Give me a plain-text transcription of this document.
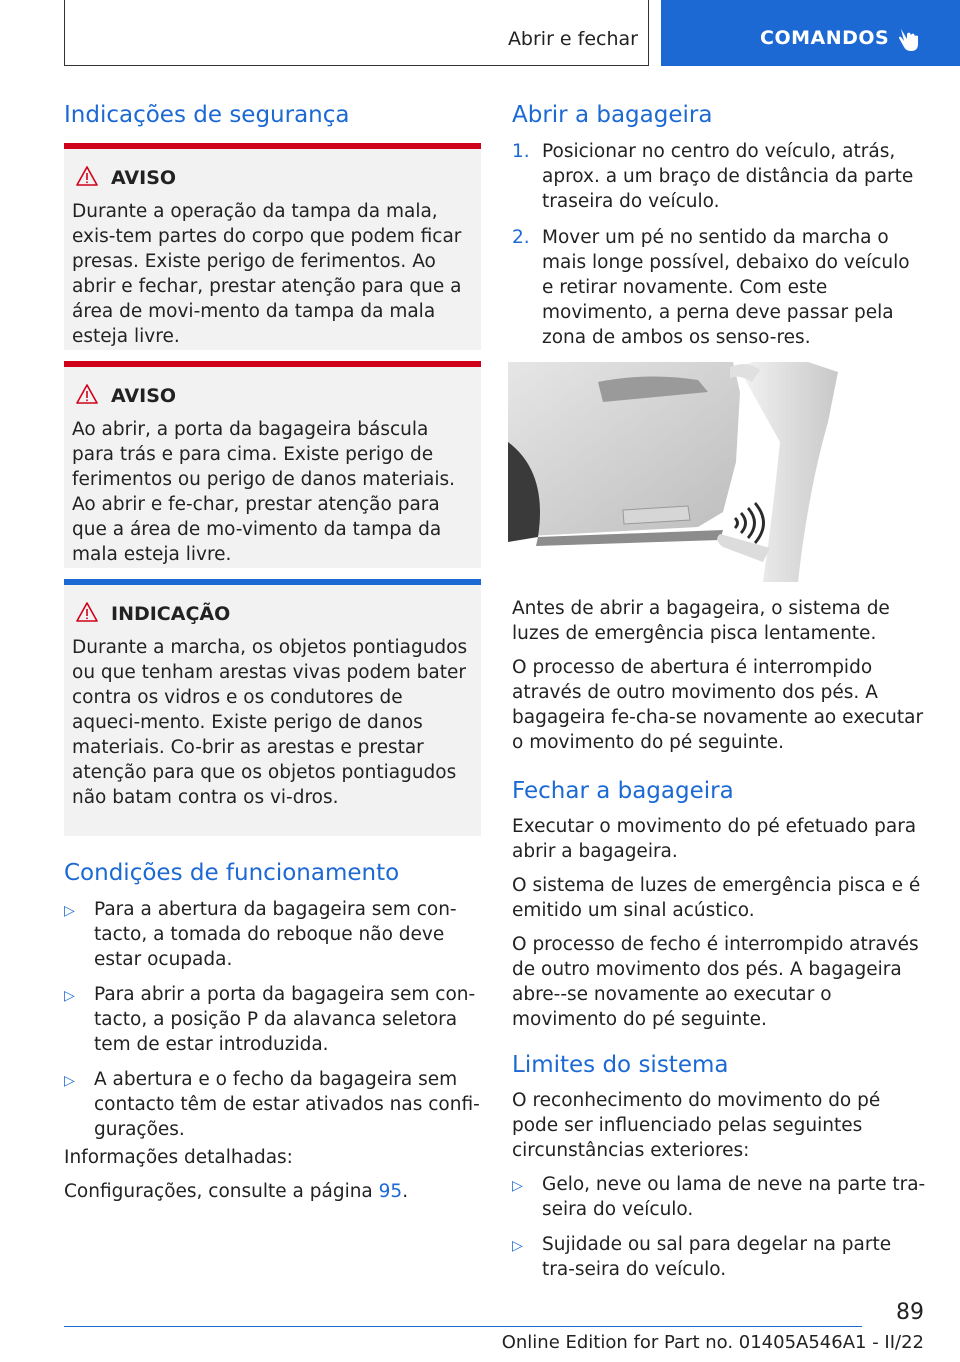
Abrir e fechar	COMANDOS
Indicações de segurança
AVISO
Durante a operação da tampa da mala, exis-tem partes do corpo que podem ficar presas. Existe perigo de ferimentos. Ao abrir e fechar, prestar atenção para que a área de movi-mento da tampa da mala esteja livre.
AVISO
Ao abrir, a porta da bagageira báscula para trás e para cima. Existe perigo de ferimentos ou perigo de danos materiais. Ao abrir e fe-char, prestar atenção para que a área de mo-vimento da tampa da mala esteja livre.
INDICAÇÃO
Durante a marcha, os objetos pontiagudos ou que tenham arestas vivas podem bater contra os vidros e os condutores de aqueci-mento. Existe perigo de danos materiais. Co-brir as arestas e prestar atenção para que os objetos pontiagudos não batam contra os vi-dros.
Condições de funcionamento
▷ Para a abertura da bagageira sem con-tacto, a tomada do reboque não deve estar ocupada.
▷ Para abrir a porta da bagageira sem con-tacto, a posição P da alavanca seletora tem de estar introduzida.
▷ A abertura e o fecho da bagageira sem contacto têm de estar ativados nas confi-gurações.

Informações detalhadas:

Configurações, consulte a página 95.

Abrir a bagageira
1. Posicionar no centro do veículo, atrás, aprox. a um braço de distância da parte traseira do veículo.
2. Mover um pé no sentido da marcha o mais longe possível, debaixo do veículo e retirar novamente. Com este movimento, a perna deve passar pela zona de ambos os senso-res.

Antes de abrir a bagageira, o sistema de luzes de emergência pisca lentamente.

O processo de abertura é interrompido através de outro movimento dos pés. A bagageira fe-cha-se novamente ao executar o movimento do pé seguinte.

Fechar a bagageira

Executar o movimento do pé efetuado para abrir a bagageira.

O sistema de luzes de emergência pisca e é emitido um sinal acústico.

O processo de fecho é interrompido através de outro movimento dos pés. A bagageira abre--se novamente ao executar o movimento do pé seguinte.

Limites do sistema

O reconhecimento do movimento do pé pode ser influenciado pelas seguintes circunstâncias exteriores:

▷ Gelo, neve ou lama de neve na parte tra-seira do veículo.
▷ Sujidade ou sal para degelar na parte tra-seira do veículo.
89
Online Edition for Part no. 01405A546A1 - II/22
